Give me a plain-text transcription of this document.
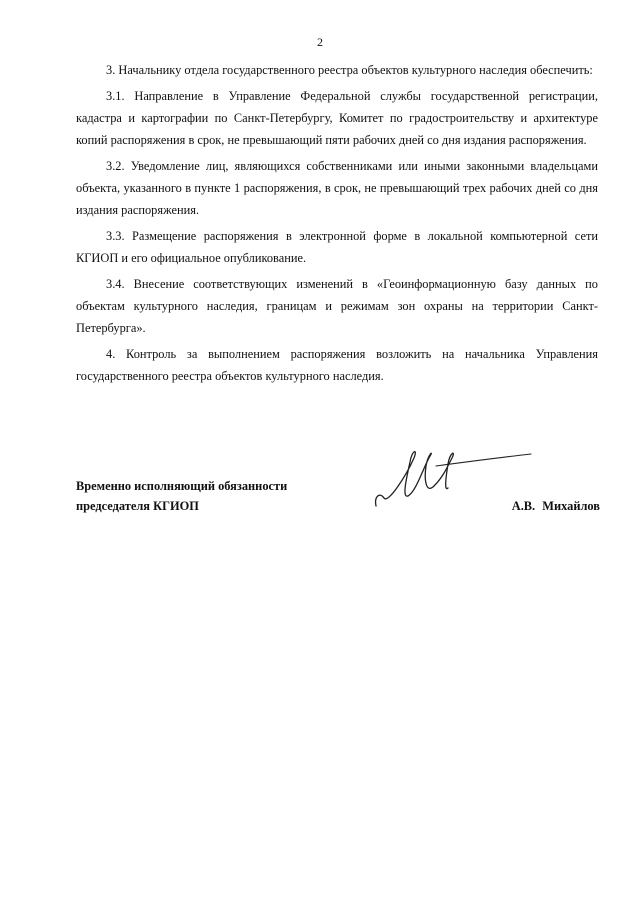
2

3. Начальнику отдела государственного реестра объектов культурного наследия обеспечить:

3.1. Направление в Управление Федеральной службы государственной регистрации, кадастра и картографии по Санкт-Петербургу, Комитет по градостроительству и архитектуре копий распоряжения в срок, не превышающий пяти рабочих дней со дня издания распоряжения.

3.2. Уведомление лиц, являющихся собственниками или иными законными владельцами объекта, указанного в пункте 1 распоряжения, в срок, не превышающий трех рабочих дней со дня издания распоряжения.

3.3. Размещение распоряжения в электронной форме в локальной компьютерной сети КГИОП и его официальное опубликование.

3.4. Внесение соответствующих изменений в «Геоинформационную базу данных по объектам культурного наследия, границам и режимам зон охраны на территории Санкт-Петербурга».

4. Контроль за выполнением распоряжения возложить на начальника Управления государственного реестра объектов культурного наследия.

Временно исполняющий обязанности
председателя КГИОП	А.В. Михайлов
